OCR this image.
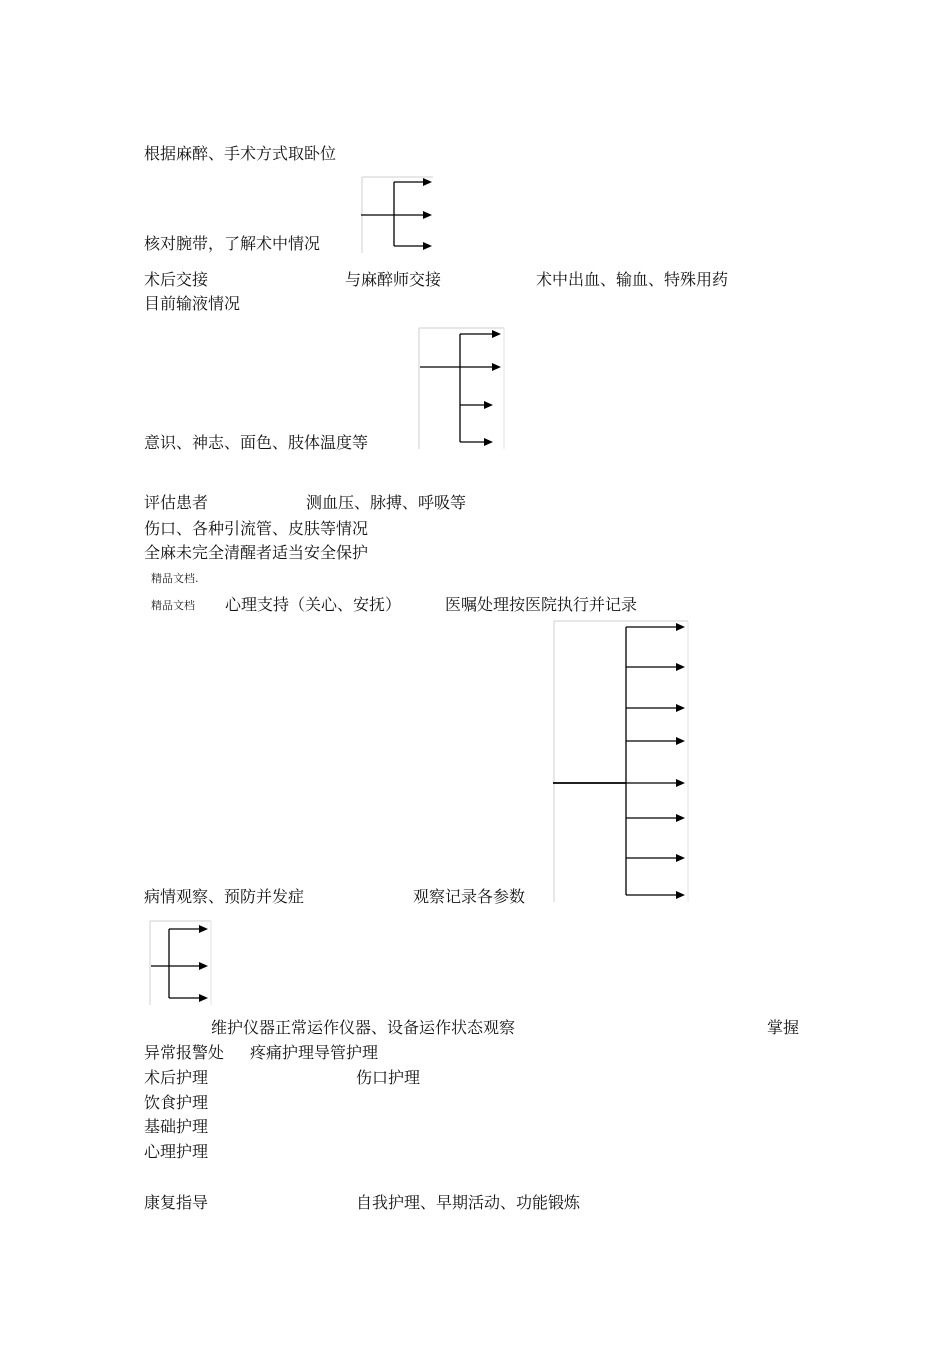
根据麻醉、手术方式取卧位
核对腕带，了解术中情况
术后交接	与麻醉师交接	术中出血、输血、特殊用药
目前输液情况
意识、神志、面色、肢体温度等
评估患者	测血压、脉搏、呼吸等
伤口、各种引流管、皮肤等情况
全麻未完全清醒者适当安全保护
精品文档.
精品文档 心理支持（关心、安抚）	医嘱处理按医院执行并记录
病情观察、预防并发症	观察记录各参数
维护仪器正常运作仪器、设备运作状态观察	掌握
异常报警处 疼痛护理导管护理
术后护理	伤口护理
饮食护理
基础护理
心理护理
康复指导	自我护理、早期活动、功能锻炼
